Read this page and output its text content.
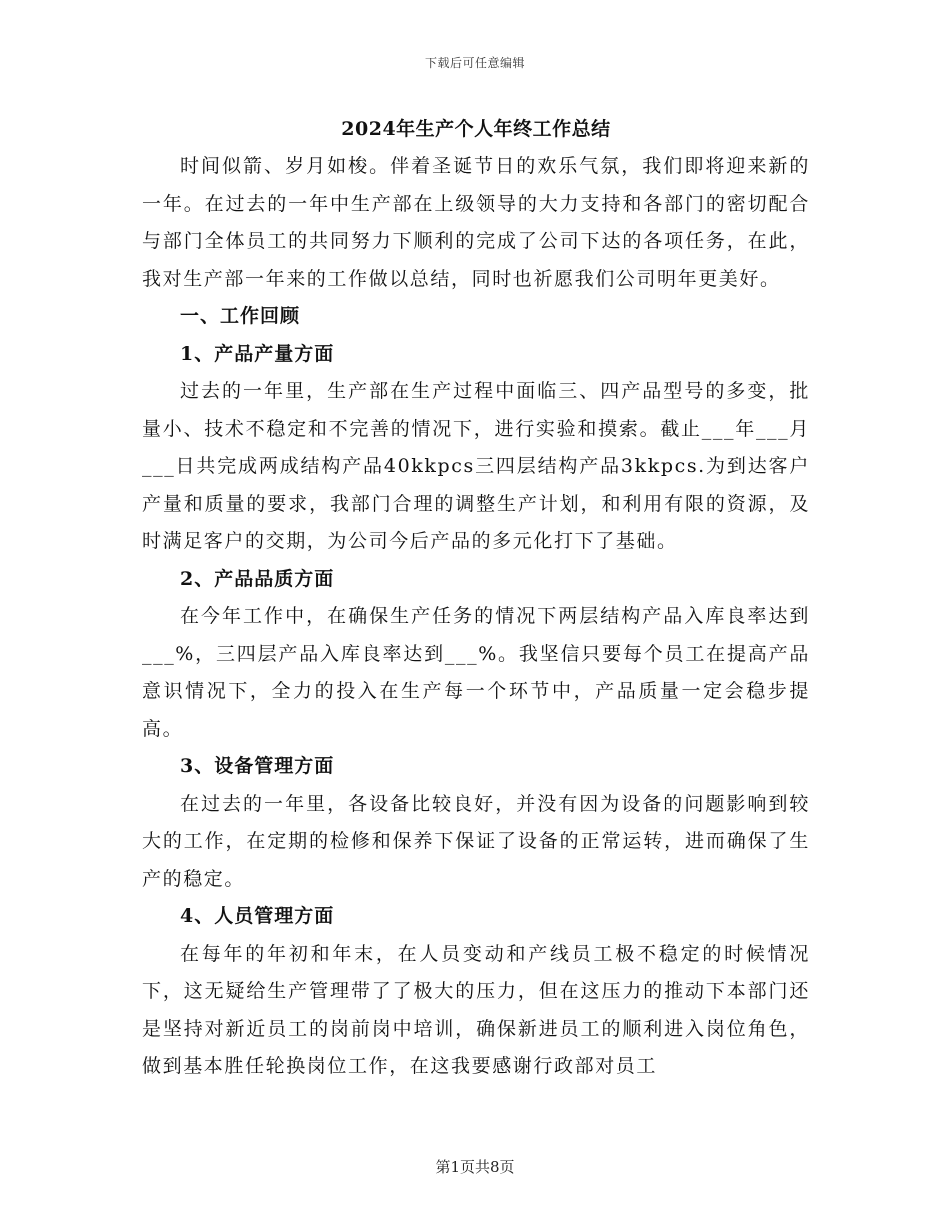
下载后可任意编辑
2024年生产个人年终工作总结

时间似箭、岁月如梭。伴着圣诞节日的欢乐气氛，我们即将迎来新的一年。在过去的一年中生产部在上级领导的大力支持和各部门的密切配合与部门全体员工的共同努力下顺利的完成了公司下达的各项任务，在此，我对生产部一年来的工作做以总结，同时也祈愿我们公司明年更美好。

一、工作回顾

1、产品产量方面

过去的一年里，生产部在生产过程中面临三、四产品型号的多变，批量小、技术不稳定和不完善的情况下，进行实验和摸索。截止___年___月___日共完成两成结构产品40kkpcs三四层结构产品3kkpcs.为到达客户产量和质量的要求，我部门合理的调整生产计划，和利用有限的资源，及时满足客户的交期，为公司今后产品的多元化打下了基础。

2、产品品质方面

在今年工作中，在确保生产任务的情况下两层结构产品入库良率达到___%，三四层产品入库良率达到___%。我坚信只要每个员工在提高产品意识情况下，全力的投入在生产每一个环节中，产品质量一定会稳步提高。

3、设备管理方面

在过去的一年里，各设备比较良好，并没有因为设备的问题影响到较大的工作，在定期的检修和保养下保证了设备的正常运转，进而确保了生产的稳定。

4、人员管理方面

在每年的年初和年末，在人员变动和产线员工极不稳定的时候情况下，这无疑给生产管理带了了极大的压力，但在这压力的推动下本部门还是坚持对新近员工的岗前岗中培训，确保新进员工的顺利进入岗位角色，做到基本胜任轮换岗位工作，在这我要感谢行政部对员工

第1页共8页
